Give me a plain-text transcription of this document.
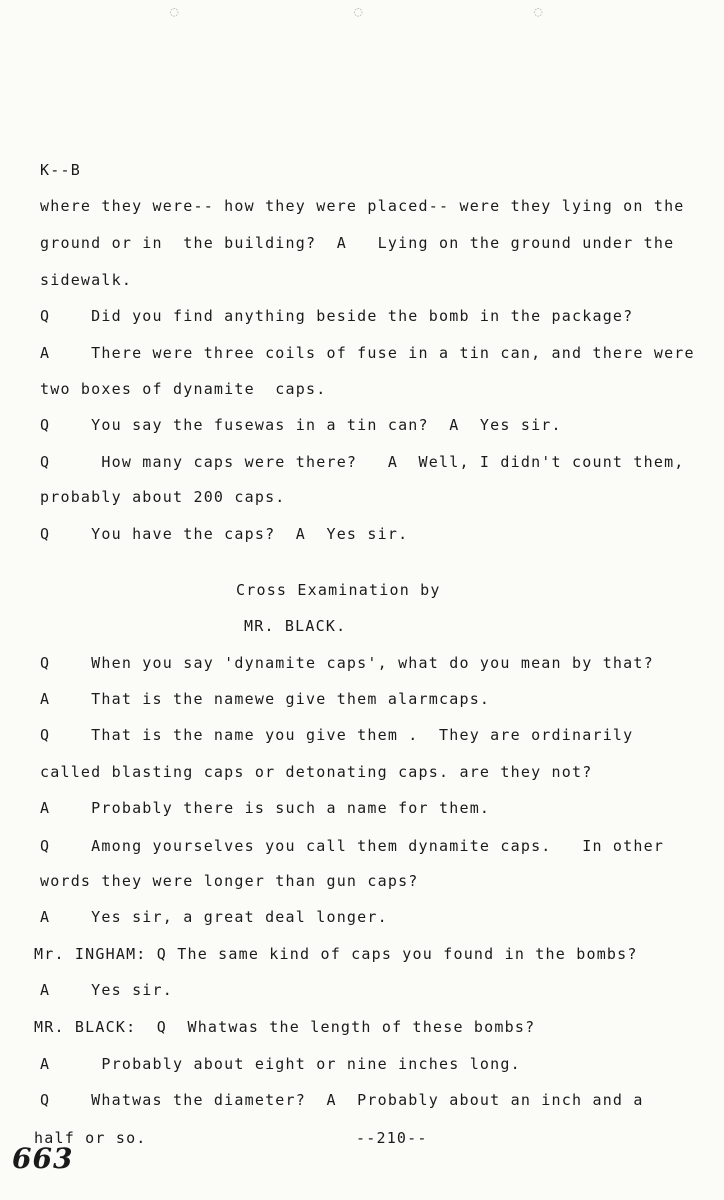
◌	◌	◌
K--B
where they were-- how they were placed-- were they lying on the
ground or in  the building?  A   Lying on the ground under the
sidewalk.
Q    Did you find anything beside the bomb in the package?
A    There were three coils of fuse in a tin can, and there were
two boxes of dynamite  caps.
Q    You say the fusewas in a tin can?  A  Yes sir.
Q     How many caps were there?   A  Well, I didn't count them,
probably about 200 caps.
Q    You have the caps?  A  Yes sir.
Cross Examination by
MR. BLACK.
Q    When you say 'dynamite caps', what do you mean by that?
A    That is the namewe give them alarmcaps.
Q    That is the name you give them .  They are ordinarily
called blasting caps or detonating caps. are they not?
A    Probably there is such a name for them.
Q    Among yourselves you call them dynamite caps.   In other
words they were longer than gun caps?
A    Yes sir, a great deal longer.
Mr. INGHAM: Q The same kind of caps you found in the bombs?
A    Yes sir.
MR. BLACK:  Q  Whatwas the length of these bombs?
A     Probably about eight or nine inches long.
Q    Whatwas the diameter?  A  Probably about an inch and a
half or so.	--210--
663
